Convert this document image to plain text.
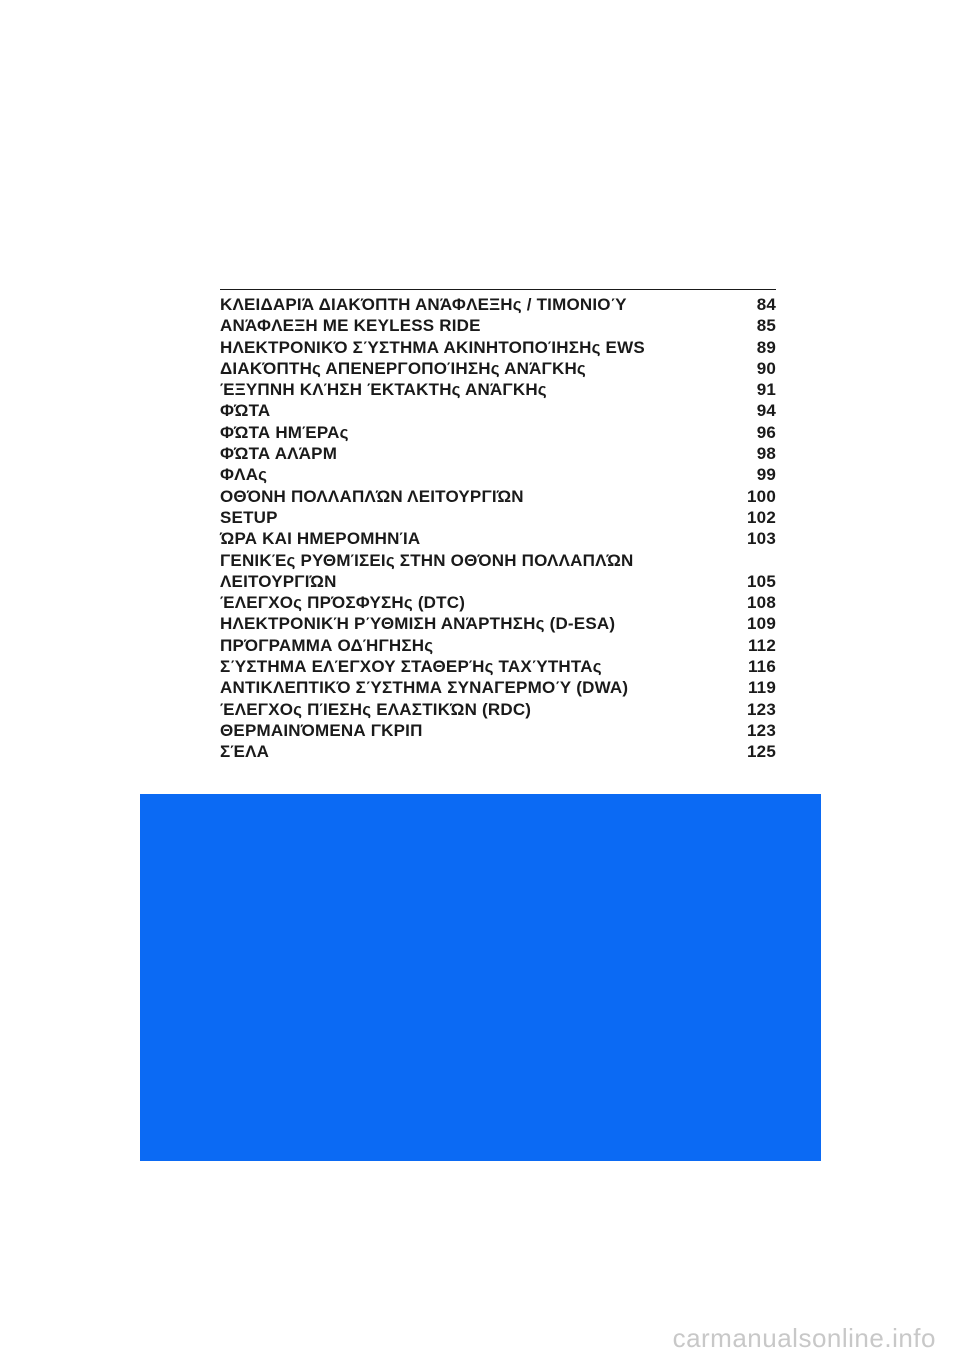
ΚΛΕΙΔΑΡΙΆ ΔΙΑΚΌΠΤΗ ΑΝΆΦΛΕΞΗς / ΤΙΜΟΝΙΟΎ	84
ΑΝΆΦΛΕΞΗ ΜΕ KEYLESS RIDE	85
ΗΛΕΚΤΡΟΝΙΚΌ ΣΎΣΤΗΜΑ ΑΚΙΝΗΤΟΠΟΊΗΣΗς EWS	89
ΔΙΑΚΌΠΤΗς ΑΠΕΝΕΡΓΟΠΟΊΗΣΗς ΑΝΆΓΚΗς	90
ΈΞΥΠΝΗ ΚΛΉΣΗ ΈΚΤΑΚΤΗς ΑΝΆΓΚΗς	91
ΦΏΤΑ	94
ΦΏΤΑ ΗΜΈΡΑς	96
ΦΏΤΑ ΑΛΆΡΜ	98
ΦΛΑς	99
ΟΘΌΝΗ ΠΟΛΛΑΠΛΏΝ ΛΕΙΤΟΥΡΓΙΏΝ	100
SETUP	102
ΏΡΑ ΚΑΙ ΗΜΕΡΟΜΗΝΊΑ	103
ΓΕΝΙΚΈς ΡΥΘΜΊΣΕΙς ΣΤΗΝ ΟΘΌΝΗ ΠΟΛΛΑΠΛΏΝ ΛΕΙΤΟΥΡΓΙΏΝ	105
ΈΛΕΓΧΟς ΠΡΌΣΦΥΣΗς (DTC)	108
ΗΛΕΚΤΡΟΝΙΚΉ ΡΎΘΜΙΣΗ ΑΝΆΡΤΗΣΗς (D-ESA)	109
ΠΡΌΓΡΑΜΜΑ ΟΔΉΓΗΣΗς	112
ΣΎΣΤΗΜΑ ΕΛΈΓΧΟΥ ΣΤΑΘΕΡΉς ΤΑΧΎΤΗΤΑς	116
ΑΝΤΙΚΛΕΠΤΙΚΌ ΣΎΣΤΗΜΑ ΣΥΝΑΓΕΡΜΟΎ (DWA)	119
ΈΛΕΓΧΟς ΠΊΕΣΗς ΕΛΑΣΤΙΚΏΝ (RDC)	123
ΘΕΡΜΑΙΝΌΜΕΝΑ ΓΚΡΙΠ	123
ΣΈΛΑ	125
carmanualsonline.info
